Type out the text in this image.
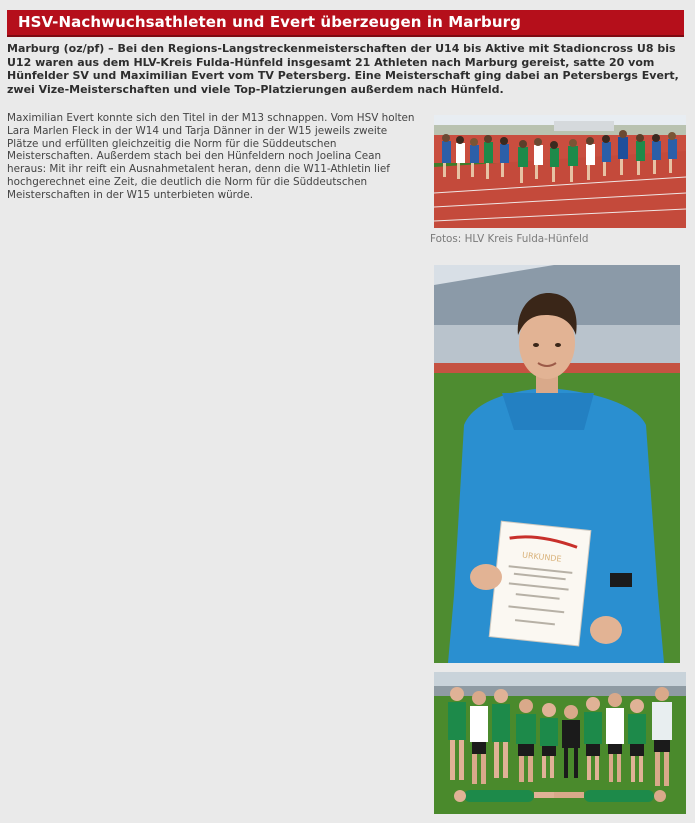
HSV-Nachwuchsathleten und Evert überzeugen in Marburg

Marburg (oz/pf) – Bei den Regions-Langstreckenmeisterschaften der U14 bis Aktive mit Stadioncross U8 bis U12 waren aus dem HLV-Kreis Fulda-Hünfeld insgesamt 21 Athleten nach Marburg gereist, satte 20 vom Hünfelder SV und Maximilian Evert vom TV Petersberg. Eine Meisterschaft ging dabei an Petersbergs Evert, zwei Vize-Meisterschaften und viele Top-Platzierungen außerdem nach Hünfeld.

Maximilian Evert konnte sich den Titel in der M13 schnappen. Vom HSV holten Lara Marlen Fleck in der W14 und Tarja Dänner in der W15 jeweils zweite Plätze und erfüllten gleichzeitig die Norm für die Süddeutschen Meisterschaften. Außerdem stach bei den Hünfeldern noch Joelina Cean heraus: Mit ihr reift ein Ausnahmetalent heran, denn die W11-Athletin lief hochgerechnet eine Zeit, die deutlich die Norm für die Süddeutschen Meisterschaften in der W15 unterbieten würde.

Fotos: HLV Kreis Fulda-Hünfeld

URKUNDE
